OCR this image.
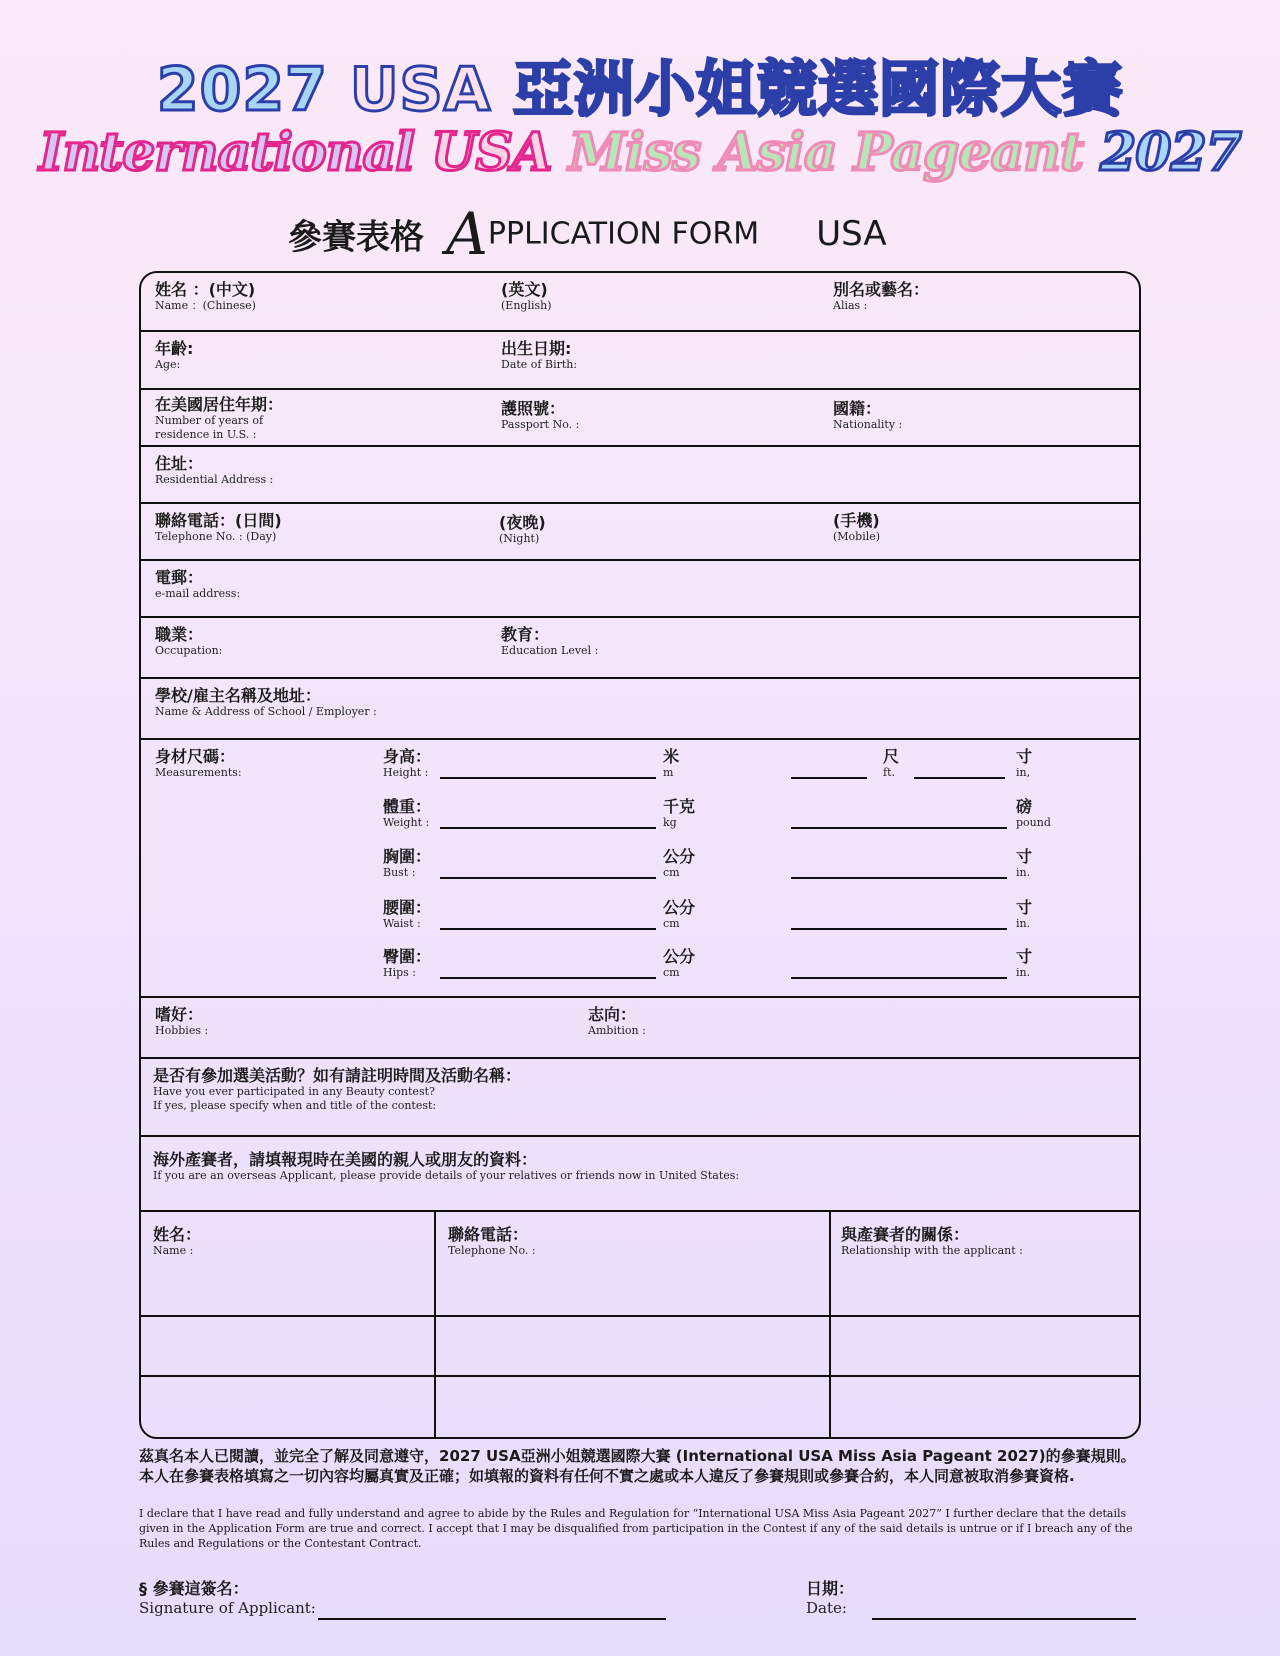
2027 USA 亞洲小姐競選國際大賽
International USA Miss Asia Pageant 2027
參賽表格 APPLICATION FORM USA
姓名 ：(中文)
Name ：(Chinese)
(英文)
(English)
別名或藝名：
Alias :
年齡:
Age:
出生日期:
Date of Birth:
在美國居住年期：
Number of years of
residence in U.S. :
護照號：
Passport No. :
國籍：
Nationality :
住址：
Residential Address :
聯絡電話：(日間)
Telephone No. : (Day)
(夜晚)
(Night)
(手機)
(Mobile)
電郵：
e-mail address:
職業：
Occupation:
教育：
Education Level :
學校/雇主名稱及地址：
Name & Address of School / Employer :
身材尺碼：
Measurements:
身高：
Height :
米
m
尺
ft.
寸
in,
體重：
Weight :
千克
kg
磅
pound
胸圍：
Bust :
公分
cm
寸
in.
腰圍：
Waist :
公分
cm
寸
in.
臀圍：
Hips :
公分
cm
寸
in.
嗜好：
Hobbies :
志向：
Ambition :
是否有參加選美活動？如有請註明時間及活動名稱：
Have you ever participated in any Beauty contest?
If yes, please specify when and title of the contest:
海外產賽者，請填報現時在美國的親人或朋友的資料：
If you are an overseas Applicant, please provide details of your relatives or friends now in United States:
姓名：
Name :
聯絡電話：
Telephone No. :
與產賽者的關係：
Relationship with the applicant :
茲真名本人已閱讀，並完全了解及同意遵守，2027 USA亞洲小姐競選國際大賽 (International USA Miss Asia Pageant 2027)的參賽規則。本人在參賽表格填寫之一切內容均屬真實及正確；如填報的資料有任何不實之處或本人違反了參賽規則或參賽合約，本人同意被取消參賽資格.
I declare that I have read and fully understand and agree to abide by the Rules and Regulation for “International USA Miss Asia Pageant 2027” I further declare that the details given in the Application Form are true and correct. I accept that I may be disqualified from participation in the Contest if any of the said details is untrue or if I breach any of the Rules and Regulations or the Contestant Contract.
§ 參賽這簽名：
Signature of Applicant:
日期：
Date:
